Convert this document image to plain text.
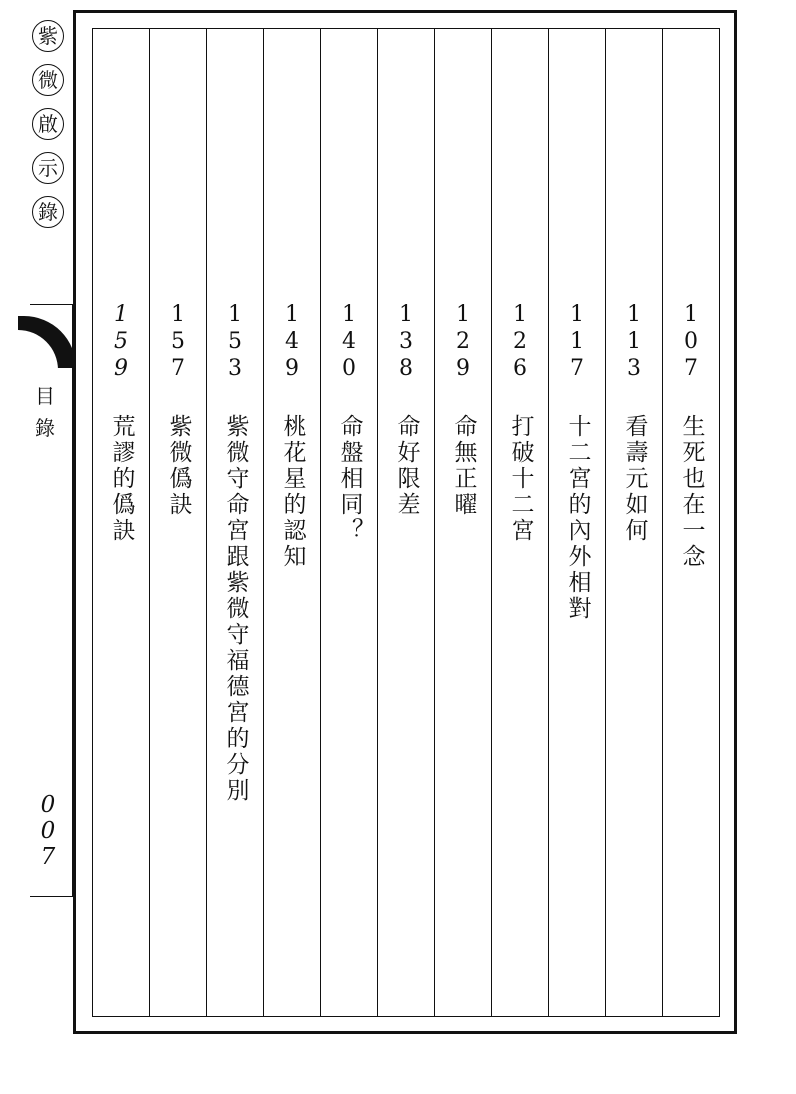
紫
微
啟
示
錄
目
錄
0
0
7
1
0
7
生死也在一念
1
1
3
看壽元如何
1
1
7
十二宮的內外相對
1
2
6
打破十二宮
1
2
9
命無正曜
1
3
8
命好限差
1
4
0
命盤相同？
1
4
9
桃花星的認知
1
5
3
紫微守命宮跟紫微守福德宮的分別
1
5
7
紫微僞訣
1
5
9
荒謬的僞訣
